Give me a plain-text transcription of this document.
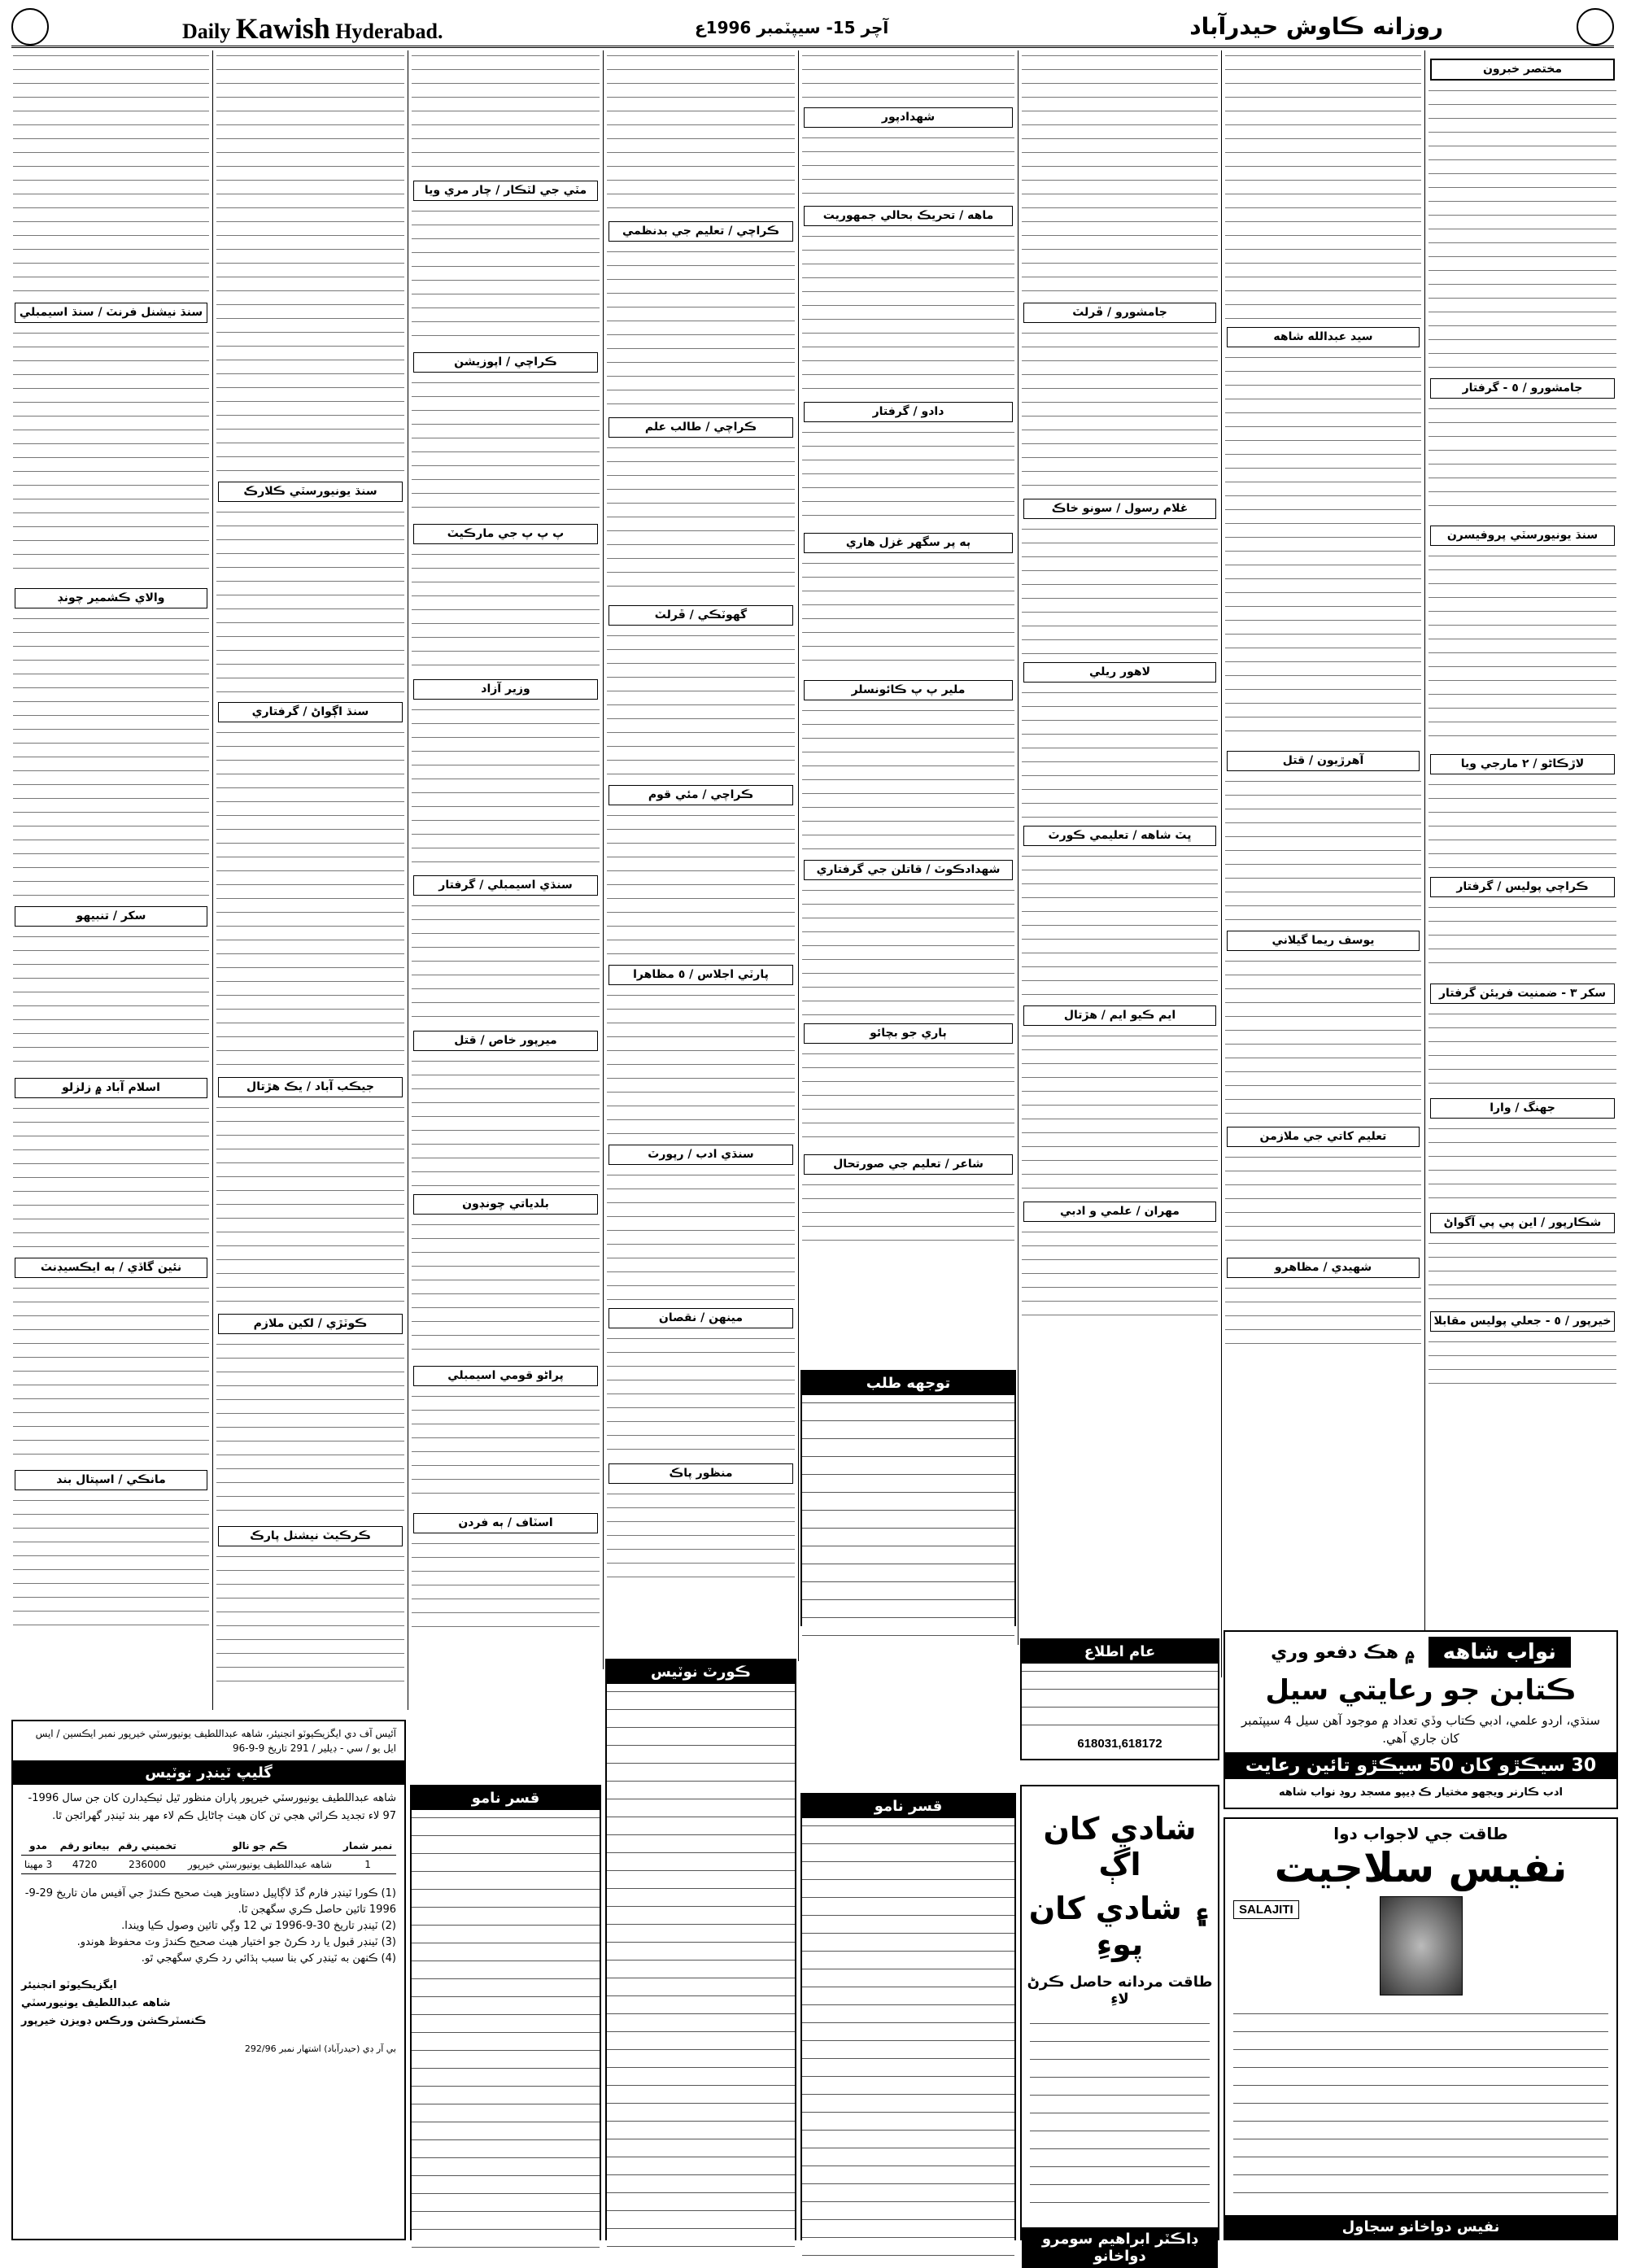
Daily Kawish Hyderabad.	آچر 15- سيپٽمبر 1996ع	روزانه ڪاوش حيدرآباد
سنڌ نيشنل فرنٽ / سنڌ اسيمبلي
والاي ڪشمير چونڊ
سکر / تنبيهو
اسلام آباد ۾ زلزلو
نئين گاڏي / ٻه ايڪسيڊنٽ
مانڪي / اسپتال بند
سنڌ يونيورسٽي ڪلارڪ
سنڌ اڳواڻ / گرفتاري
جيڪب آباد / يڪ هڙتال
ڪوٽڙي / لکين ملازم
ڪرڪيٽ نيشنل پارڪ
مٽي جي لٽڪار / چار مري ويا
ڪراچي / اپوزيشن
پ پ پ جي مارڪيٽ
وزير آزاد
سنڌي اسيمبلي / گرفتار
ميرپور خاص / قتل
بلدياتي چونڊون
پراڻو قومي اسيمبلي
اسٽاف / ٻه فردن
ڪراچي / تعليم جي بدنظمي
ڪراچي / طالب علم
گهوٽڪي / ڦرلٽ
ڪراچي / مئي قوم
پارٽي اجلاس / ٥ مظاهرا
سنڌي ادب / رپورٽ
مينهن / نقصان
منظور پاڪ
شهدادپور
ماهه / تحريڪ بحالي جمهوريت
دادو / گرفتار
ٻه پر سگهر غزل هاري
ملير پ پ ڪائونسلر
شهدادڪوٽ / قاتلن جي گرفتاري
ٻاري جو بچائو
شاعر / تعليم جي صورتحال
جامشورو / ڦرلٽ
غلام رسول / سونو خاڪ
لاهور ريلي
ڀٽ شاهه / تعليمي ڪورٽ
ايم ڪيو ايم / هڙتال
مهران / علمي و ادبي
سيد عبدالله شاهه
آهرڙيون / قتل
يوسف ريما گيلاني
تعليم کاتي جي ملازمن
شهيدي / مظاهرو
مختصر خبرون
جامشورو / ٥ - گرفتار
سنڌ يونيورسٽي پروفيسرن
لاڙڪاڻو / ٢ مارجي ويا
ڪراچي پوليس / گرفتار
سکر ٣ - ضمنيت فريئن گرفتار
جهنگ / وارا
شڪارپور / اين پي پي آگواڻ
خيرپور / ٥ - جعلي پوليس مقابلا
آئيس آف دي ايگزيڪيوٽو انجنيئر، شاهه عبداللطيف يونيورسٽي خيرپور نمبر ايڪسين / ايس ايل يو / سي - ڊيلير / 291 تاريخ 9-9-96
گليپ ٽينڊر نوٽيس
شاهه عبداللطيف يونيورسٽي خيرپور پاران منظور ٿيل ٺيڪيدارن کان جن سال 1996-97 لاء تجديد ڪرائي هجي تن کان هيٺ ڄاڻايل ڪم لاء مهر بند ٽينڊر گهرائجن ٿا.
نمبر شمار	ڪم جو نالو	تخميني رقم	بيعانو رقم	مدو
1	شاهه عبداللطيف يونيورسٽي خيرپور	236000	4720	3 مهينا
(1) ڪورا ٽينڊر فارم گڏ لاڳاپيل دستاويز هيٺ صحيح ڪندڙ جي آفيس مان تاريخ 29-9-1996 تائين حاصل ڪري سگهجن ٿا.
(2) ٽينڊر تاريخ 30-9-1996 تي 12 وڳي تائين وصول ڪيا ويندا.
(3) ٽينڊر قبول يا رد ڪرڻ جو اختيار هيٺ صحيح ڪندڙ وٽ محفوظ هوندو.
(4) ڪنهن به ٽينڊر کي بنا سبب ٻڌائي رد ڪري سگهجي ٿو.
ايگزيڪيوٽو انجنيئر
شاهه عبداللطيف يونيورسٽي
ڪنسٽرڪشن ورڪس ڊويزن خيرپور
بي آر ڊي (حيدرآباد) اشتهار نمبر 292/96
قسر نامو
ڪورٽ نوٽيس
توجهه طلب
قسر نامو
عام اطلاع
618031,618172
شادي کان اڳ
۽ شادي کان پوءِ
طاقت مردانه حاصل ڪرڻ لاءِ
ڊاڪٽر ابراهيم سومرو دواخانو
نواب شاهه
۾ هڪ دفعو وري
ڪتابن جو رعايتي سيل
سنڌي، اردو علمي، ادبي ڪتاب وڏي تعداد ۾ موجود آهن سيل 4 سيپٽمبر کان جاري آهي.
30 سيڪڙو کان 50 سيڪڙو تائين رعايت
ادب ڪارنر ويجهو مختيار ڪ ڊيپو مسجد روڊ نواب شاهه
طاقت جي لاجواب دوا
نفيس سلاجيت
SALAJITI
نفيس دواخانو سجاول
